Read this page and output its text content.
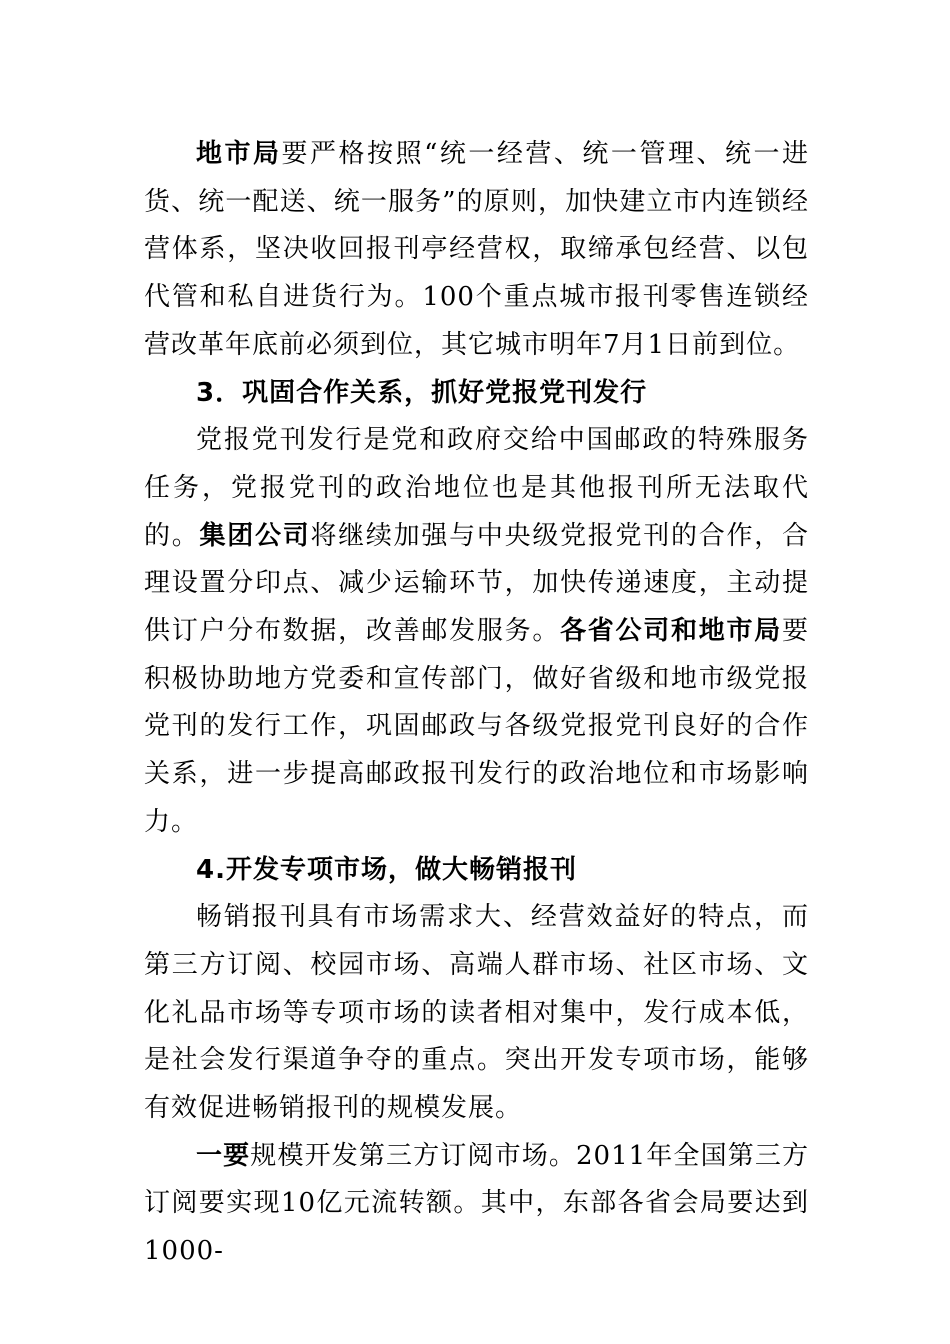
地市局要严格按照“统一经营、统一管理、统一进货、统一配送、统一服务”的原则，加快建立市内连锁经营体系，坚决收回报刊亭经营权，取缔承包经营、以包代管和私自进货行为。100个重点城市报刊零售连锁经营改革年底前必须到位，其它城市明年7月1日前到位。

3．巩固合作关系，抓好党报党刊发行

党报党刊发行是党和政府交给中国邮政的特殊服务任务，党报党刊的政治地位也是其他报刊所无法取代的。集团公司将继续加强与中央级党报党刊的合作，合理设置分印点、减少运输环节，加快传递速度，主动提供订户分布数据，改善邮发服务。各省公司和地市局要积极协助地方党委和宣传部门，做好省级和地市级党报党刊的发行工作，巩固邮政与各级党报党刊良好的合作关系，进一步提高邮政报刊发行的政治地位和市场影响力。

4.开发专项市场，做大畅销报刊

畅销报刊具有市场需求大、经营效益好的特点，而第三方订阅、校园市场、高端人群市场、社区市场、文化礼品市场等专项市场的读者相对集中，发行成本低，是社会发行渠道争夺的重点。突出开发专项市场，能够有效促进畅销报刊的规模发展。

一要规模开发第三方订阅市场。2011年全国第三方订阅要实现10亿元流转额。其中，东部各省会局要达到1000-
